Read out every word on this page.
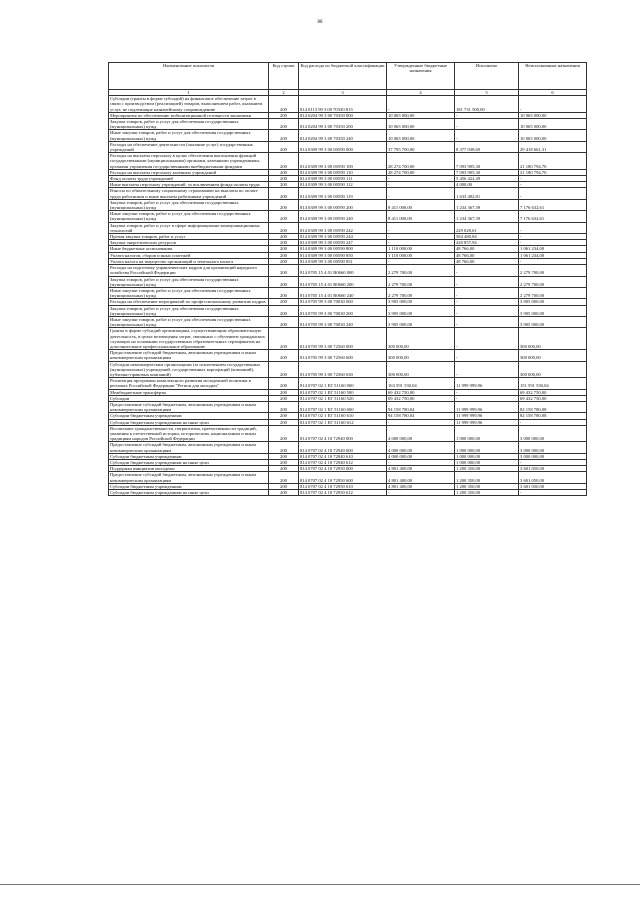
88
Наименование показателя	Код строки	Код расхода по бюджетной классификации	Утвержденные бюджетные назначения	Исполнено	Неисполненные назначения
1	2	3	4	5	6
Субсидии (гранты в форме субсидий) на финансовое обеспечение затрат в связи с производством (реализацией) товаров, выполнением работ, оказанием услуг, не подлежащие казначейскому сопровождению	200	814 0113 99 3 00 70330 813	-	181 731 500,00	-
Мероприятия по обеспечению мобилизационной готовности экономики	200	814 0204 99 3 00 70350 000	10 065 000,00	-	10 065 000,00
Закупка товаров, работ и услуг для обеспечения государственных (муниципальных) нужд	200	814 0204 99 3 00 70350 200	10 065 000,00	-	10 065 000,00
Иные закупки товаров, работ и услуг для обеспечения государственных (муниципальных) нужд	200	814 0204 99 3 00 70350 240	10 065 000,00	-	10 065 000,00
Расходы на обеспечение деятельности (оказание услуг) государственных учреждений	200	814 0309 99 3 00 00590 000	37 795 700,00	8 377 038,69	29 418 661,31
Расходы на выплаты персоналу в целях обеспечения выполнения функций государственными (муниципальными) органами, казенными учреждениями, органами управления государственными внебюджетными фондами	200	814 0309 99 3 00 00590 100	28 274 700,00	7 093 905,30	21 180 794,70
Расходы на выплаты персоналу казенных учреждений	200	814 0309 99 3 00 00590 110	28 274 700,00	7 093 905,30	21 180 794,70
Фонд оплаты труда учреждений	200	814 0309 99 3 00 00590 111	-	5 456 422,49	-
Иные выплаты персоналу учреждений, за исключением фонда оплаты труда	200	814 0309 99 3 00 00590 112	-	4 000,00	-
Взносы по обязательному социальному страхованию на выплаты по оплате труда работников и иные выплаты работникам учреждений	200	814 0309 99 3 00 00590 119	-	1 633 482,81	-
Закупка товаров, работ и услуг для обеспечения государственных (муниципальных) нужд	200	814 0309 99 3 00 00590 200	8 411 000,00	1 234 367,39	7 176 632,61
Иные закупки товаров, работ и услуг для обеспечения государственных (муниципальных) нужд	200	814 0309 99 3 00 00590 240	8 411 000,00	1 234 367,39	7 176 632,61
Закупка товаров, работ и услуг в сфере информационно-коммуникационных технологий	200	814 0309 99 3 00 00590 242	-	229 028,61	-
Прочая закупка товаров, работ и услуг	200	814 0309 99 3 00 00590 244	-	584 480,84	-
Закупка энергетических ресурсов	200	814 0309 99 3 00 00590 247	-	420 857,94	-
Иные бюджетные ассигнования	200	814 0309 99 3 00 00590 800	1 110 000,00	48 766,00	1 061 234,00
Уплата налогов, сборов и иных платежей	200	814 0309 99 3 00 00590 850	1 110 000,00	48 766,00	1 061 234,00
Уплата налога на имущество организаций и земельного налога	200	814 0309 99 3 00 00590 851	-	48 766,00	-
Расходы на подготовку управленческих кадров для организаций народного хозяйства Российской Федерации	200	814 0705 15 4 01 R0660 000	2 279 700,00	-	2 279 700,00
Закупка товаров, работ и услуг для обеспечения государственных (муниципальных) нужд	200	814 0705 15 4 01 R0660 200	2 279 700,00	-	2 279 700,00
Иные закупки товаров, работ и услуг для обеспечения государственных (муниципальных) нужд	200	814 0705 15 4 01 R0660 240	2 279 700,00	-	2 279 700,00
Расходы на обеспечение мероприятий по профессиональному развитию кадров	200	814 0705 99 3 00 70030 000	3 905 000,00	-	3 905 000,00
Закупка товаров, работ и услуг для обеспечения государственных (муниципальных) нужд	200	814 0705 99 3 00 70030 200	3 905 000,00	-	3 905 000,00
Иные закупки товаров, работ и услуг для обеспечения государственных (муниципальных) нужд	200	814 0705 99 3 00 70030 240	3 905 000,00	-	3 905 000,00
Гранты в форме субсидий организациям, осуществляющим образовательную деятельность, в целях возмещения затрат, связанных с обучением гражданских служащих на основании государственных образовательных сертификатов на дополнительное профессиональное образование	200	814 0705 99 3 00 72560 000	300 000,00	-	300 000,00
Предоставление субсидий бюджетным, автономным учреждениям и иным некоммерческим организациям	200	814 0705 99 3 00 72560 600	300 000,00	-	300 000,00
Субсидии некоммерческим организациям (за исключением государственных (муниципальных) учреждений, государственных корпораций (компаний), публично-правовых компаний)	200	814 0705 99 3 00 72560 630	300 000,00	-	300 000,00
Реализация программы комплексного развития молодежной политики в регионах Российской Федерации "Регион для молодых"	200	814 0707 02 1 ЕГ 51160 000	163 591 530,04	11 999 999,96	151 591 530,04
Межбюджетные трансферты	200	814 0707 02 1 ЕГ 51160 500	69 432 750,00	-	69 432 750,00
Субсидии	200	814 0707 02 1 ЕГ 51160 520	69 432 750,00	-	69 432 750,00
Предоставление субсидий бюджетным, автономным учреждениям и иным некоммерческим организациям	200	814 0707 02 1 ЕГ 51160 600	94 158 780,04	11 999 999,96	82 158 780,08
Субсидии бюджетным учреждениям	200	814 0707 02 1 ЕГ 51160 610	94 158 780,04	11 999 999,96	82 158 780,08
Субсидии бюджетным учреждениям на иные цели	200	814 0707 02 1 ЕГ 51160 612	-	11 999 999,96	-
Воспитание гражданственности, патриотизма, преемственности традиций, уважения к отечественной истории, историческим, национальным и иным традициям народов Российской Федерации	200	814 0707 02 4 10 72940 000	4 000 000,00	1 000 000,00	3 000 000,00
Предоставление субсидий бюджетным, автономным учреждениям и иным некоммерческим организациям	200	814 0707 02 4 10 72940 600	4 000 000,00	1 000 000,00	3 000 000,00
Субсидии бюджетным учреждениям	200	814 0707 02 4 10 72940 610	4 000 000,00	1 000 000,00	3 000 000,00
Субсидии бюджетным учреждениям на иные цели	200	814 0707 02 4 10 72940 612	-	1 000 000,00	-
Поддержка инициатив молодежи	200	814 0707 02 4 10 72950 000	4 801 400,00	1 200 350,00	3 601 050,00
Предоставление субсидий бюджетным, автономным учреждениям и иным некоммерческим организациям	200	814 0707 02 4 10 72950 600	4 801 400,00	1 200 350,00	3 601 050,00
Субсидии бюджетным учреждениям	200	814 0707 02 4 10 72950 610	4 801 400,00	1 200 350,00	3 601 050,00
Субсидии бюджетным учреждениям на иные цели	200	814 0707 02 4 10 72950 612	-	1 200 350,00	-
